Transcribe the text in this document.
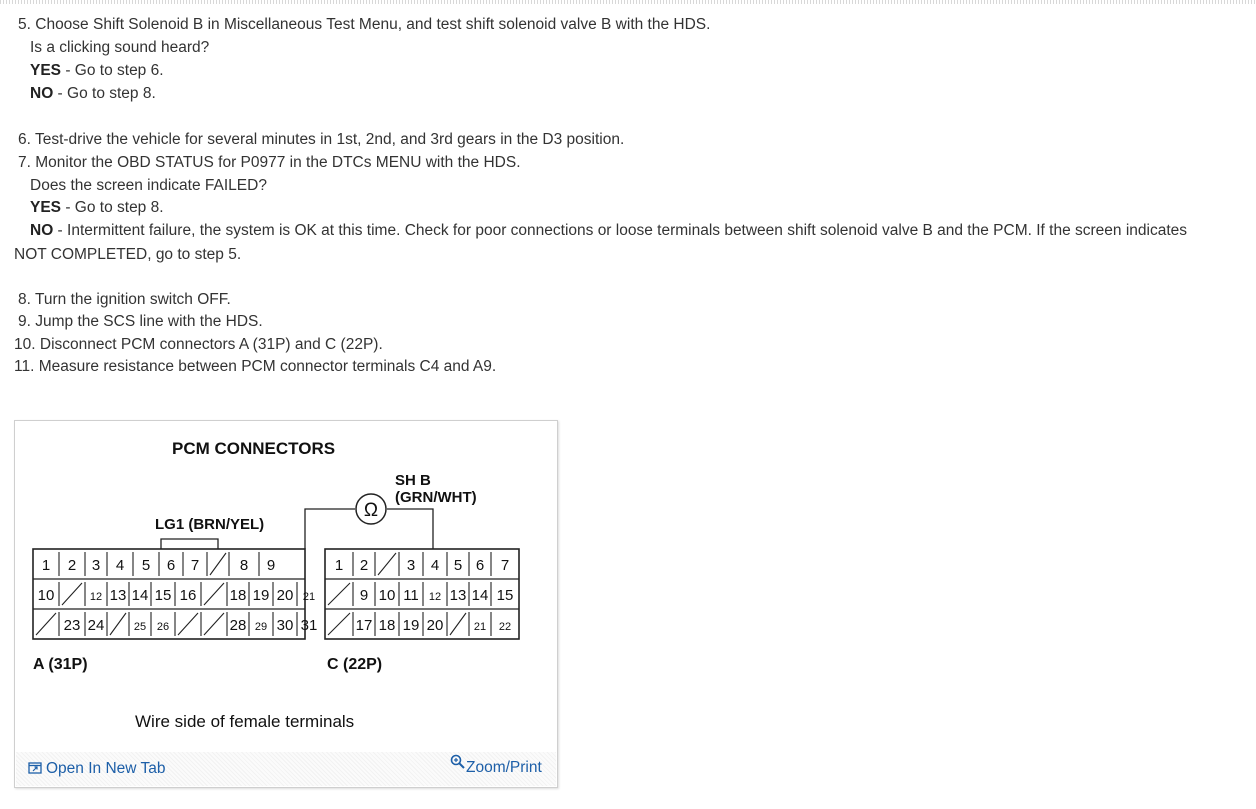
5. Choose Shift Solenoid B in Miscellaneous Test Menu, and test shift solenoid valve B with the HDS.
Is a clicking sound heard?
YES - Go to step 6.
NO - Go to step 8.
6. Test-drive the vehicle for several minutes in 1st, 2nd, and 3rd gears in the D3 position.
7. Monitor the OBD STATUS for P0977 in the DTCs MENU with the HDS.
Does the screen indicate FAILED?
YES - Go to step 8.
NO - Intermittent failure, the system is OK at this time. Check for poor connections or loose terminals between shift solenoid valve B and the PCM. If the screen indicates
NOT COMPLETED, go to step 5.
8. Turn the ignition switch OFF.
9. Jump the SCS line with the HDS.
10. Disconnect PCM connectors A (31P) and C (22P).
11. Measure resistance between PCM connector terminals C4 and A9.
PCM CONNECTORS
SH B
(GRN/WHT)
LG1 (BRN/YEL)
Ω
1 2 3 4 5 6 7	8 9
10	12 13 14 15 16 18 19 20 21
23 24	25 26	28 29 30 31
1 2	3 4 5 6 7
9 10 11 12 13 14 15
17 18 19 20	21 22
A (31P)	C (22P)
Wire side of female terminals
Open In New Tab	Zoom/Print
